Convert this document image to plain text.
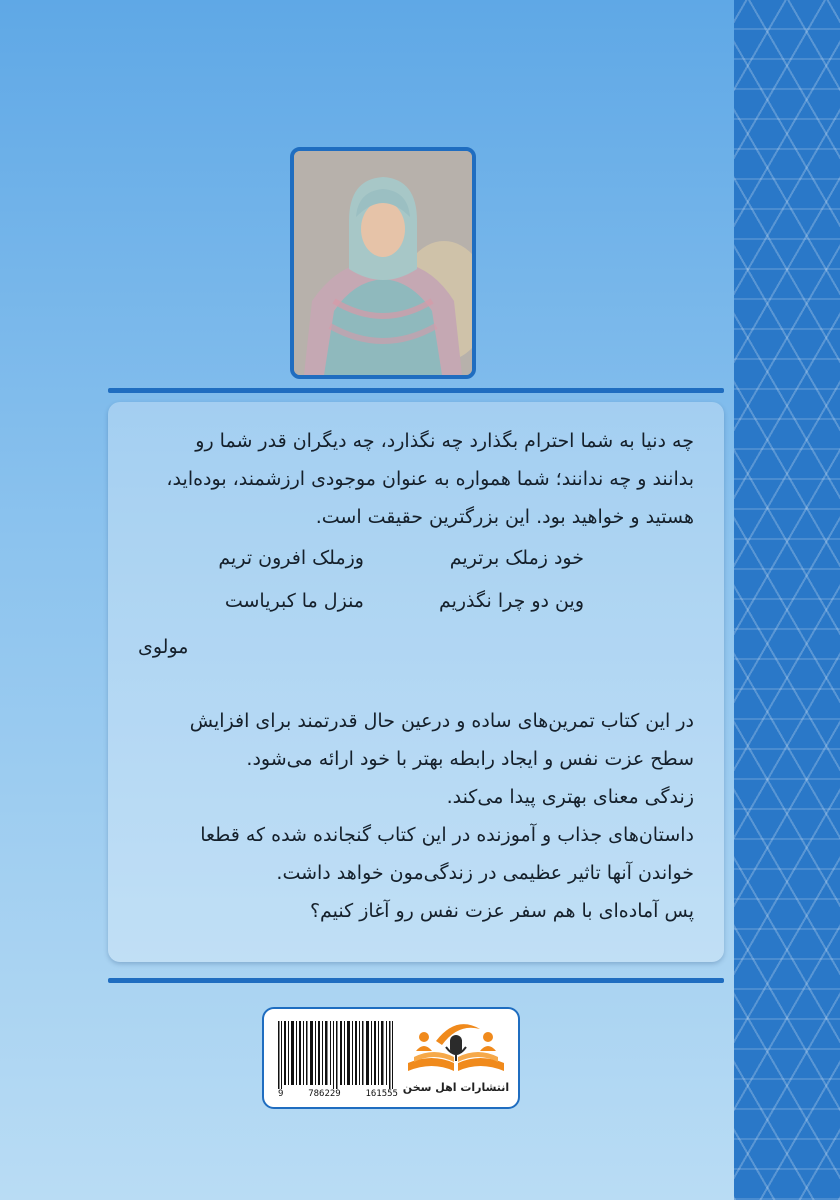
چه دنیا به شما احترام بگذارد چه نگذارد، چه دیگران قدر شما رو

بدانند و چه ندانند؛ شما همواره به عنوان موجودی ارزشمند، بوده‌اید،

هستید و خواهید بود. این بزرگترین حقیقت است.

خود زملک برتریم
وزملک افرون تریم
وین دو چرا نگذریم
منزل ما کبریاست
مولوی

در این کتاب تمرین‌های ساده و درعین حال قدرتمند برای افزایش

سطح عزت نفس و ایجاد رابطه بهتر با خود ارائه می‌شود.

زندگی معنای بهتری پیدا می‌کند.

داستان‌های جذاب و آموزنده در این کتاب گنجانده شده که قطعا

خواندن آنها تاثیر عظیمی در زندگی‌مون خواهد داشت.

پس آماده‌ای با هم سفر عزت نفس رو آغاز کنیم؟

9	786229	161555 انتشارات اهل سخن
